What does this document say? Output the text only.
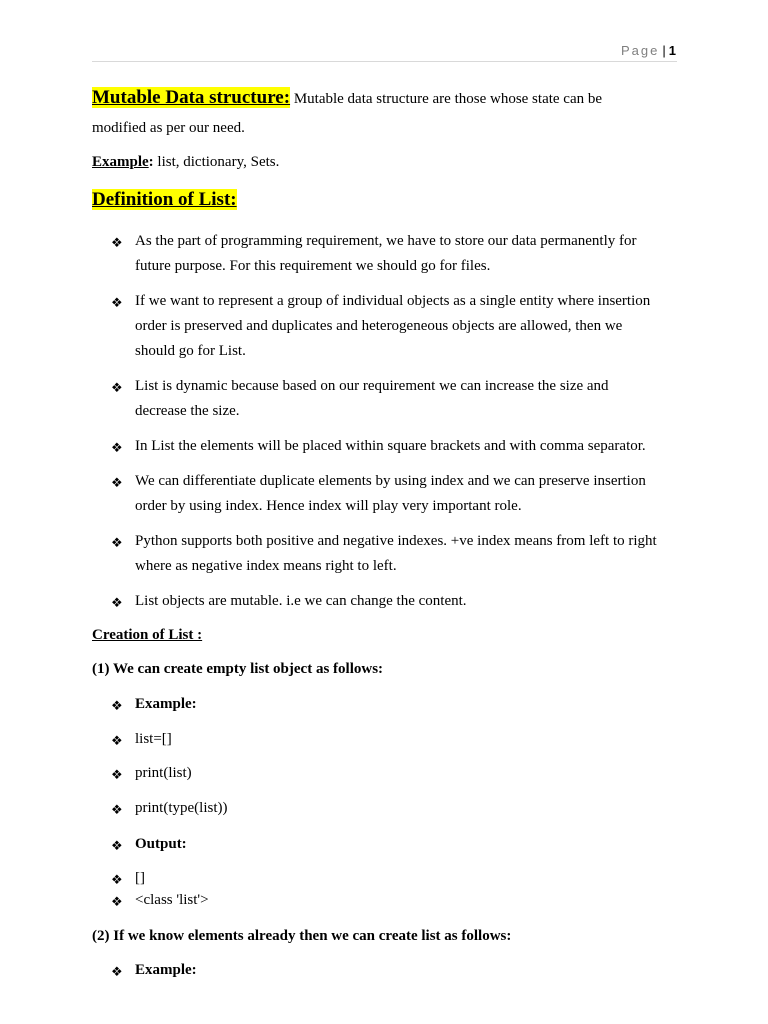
Page | 1
Mutable Data structure: Mutable data structure are those whose state can be
modified as per our need.
Example: list, dictionary, Sets.
Definition of List:
❖ As the part of programming requirement, we have to store our data permanently for
future purpose. For this requirement we should go for files.
❖ If we want to represent a group of individual objects as a single entity where insertion
order is preserved and duplicates and heterogeneous objects are allowed, then we
should go for List.
❖ List is dynamic because based on our requirement we can increase the size and
decrease the size.
❖ In List the elements will be placed within square brackets and with comma separator.
❖ We can differentiate duplicate elements by using index and we can preserve insertion
order by using index. Hence index will play very important role.
❖ Python supports both positive and negative indexes. +ve index means from left to right
where as negative index means right to left.
❖ List objects are mutable. i.e we can change the content.
Creation of List :
(1) We can create empty list object as follows:
❖ Example:
❖ list=[]
❖ print(list)
❖ print(type(list))
❖ Output:
❖ []
❖ <class 'list'>
(2) If we know elements already then we can create list as follows:
❖ Example:
